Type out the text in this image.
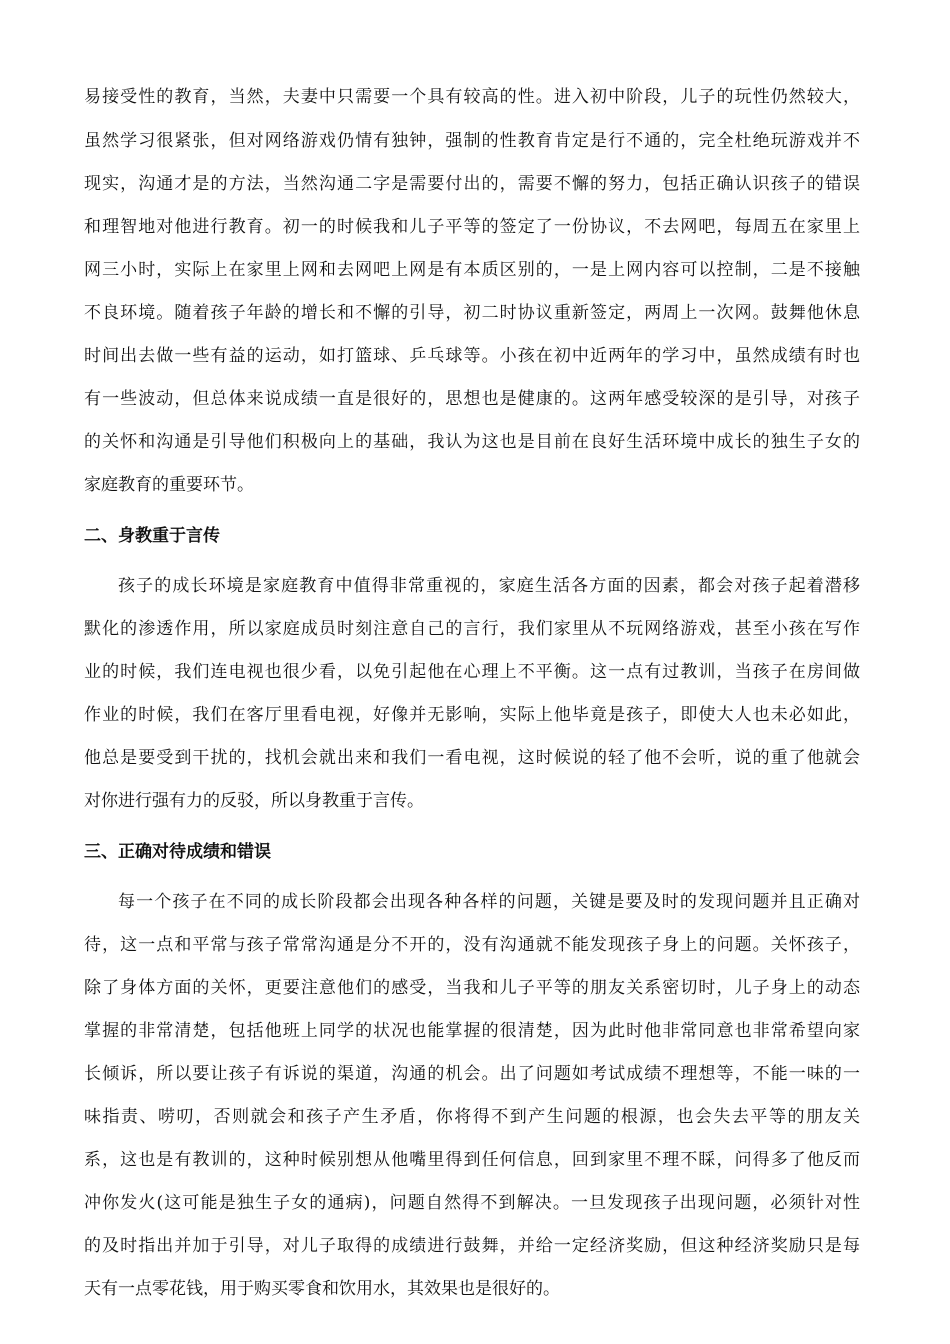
易接受性的教育，当然，夫妻中只需要一个具有较高的性。进入初中阶段，儿子的玩性仍然较大，
虽然学习很紧张，但对网络游戏仍情有独钟，强制的性教育肯定是行不通的，完全杜绝玩游戏并不
现实，沟通才是的方法，当然沟通二字是需要付出的，需要不懈的努力，包括正确认识孩子的错误
和理智地对他进行教育。初一的时候我和儿子平等的签定了一份协议，不去网吧，每周五在家里上
网三小时，实际上在家里上网和去网吧上网是有本质区别的，一是上网内容可以控制，二是不接触
不良环境。随着孩子年龄的增长和不懈的引导，初二时协议重新签定，两周上一次网。鼓舞他休息
时间出去做一些有益的运动，如打篮球、乒乓球等。小孩在初中近两年的学习中，虽然成绩有时也
有一些波动，但总体来说成绩一直是很好的，思想也是健康的。这两年感受较深的是引导，对孩子
的关怀和沟通是引导他们积极向上的基础，我认为这也是目前在良好生活环境中成长的独生子女的
家庭教育的重要环节。
二、身教重于言传
孩子的成长环境是家庭教育中值得非常重视的，家庭生活各方面的因素，都会对孩子起着潜移
默化的渗透作用，所以家庭成员时刻注意自己的言行，我们家里从不玩网络游戏，甚至小孩在写作
业的时候，我们连电视也很少看，以免引起他在心理上不平衡。这一点有过教训，当孩子在房间做
作业的时候，我们在客厅里看电视，好像并无影响，实际上他毕竟是孩子，即使大人也未必如此，
他总是要受到干扰的，找机会就出来和我们一看电视，这时候说的轻了他不会听，说的重了他就会
对你进行强有力的反驳，所以身教重于言传。
三、正确对待成绩和错误
每一个孩子在不同的成长阶段都会出现各种各样的问题，关键是要及时的发现问题并且正确对
待，这一点和平常与孩子常常沟通是分不开的，没有沟通就不能发现孩子身上的问题。关怀孩子，
除了身体方面的关怀，更要注意他们的感受，当我和儿子平等的朋友关系密切时，儿子身上的动态
掌握的非常清楚，包括他班上同学的状况也能掌握的很清楚，因为此时他非常同意也非常希望向家
长倾诉，所以要让孩子有诉说的渠道，沟通的机会。出了问题如考试成绩不理想等，不能一味的一
味指责、唠叨，否则就会和孩子产生矛盾，你将得不到产生问题的根源，也会失去平等的朋友关
系，这也是有教训的，这种时候别想从他嘴里得到任何信息，回到家里不理不睬，问得多了他反而
冲你发火(这可能是独生子女的通病)，问题自然得不到解决。一旦发现孩子出现问题，必须针对性
的及时指出并加于引导，对儿子取得的成绩进行鼓舞，并给一定经济奖励，但这种经济奖励只是每
天有一点零花钱，用于购买零食和饮用水，其效果也是很好的。
